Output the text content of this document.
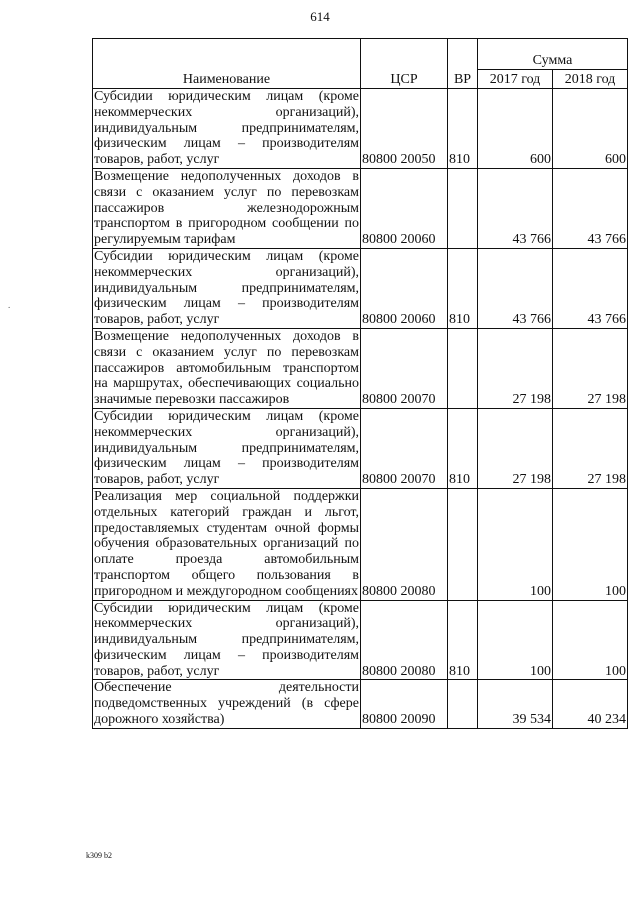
614
.
Наименование	ЦСР	ВР	Сумма	
			2017 год	2018 год
Субсидии юридическим лицам (кроме некоммерческих организаций), индивидуальным предпринимателям, физическим лицам – производителям товаров, работ, услуг	80800 20050	810	600	600
Возмещение недополученных доходов в связи с оказанием услуг по перевозкам пассажиров железнодорожным транспортом в пригородном сообщении по регулируемым тарифам	80800 20060		43 766	43 766
Субсидии юридическим лицам (кроме некоммерческих организаций), индивидуальным предпринимателям, физическим лицам – производителям товаров, работ, услуг	80800 20060	810	43 766	43 766
Возмещение недополученных доходов в связи с оказанием услуг по перевозкам пассажиров автомобильным транспортом на маршрутах, обеспечивающих социально значимые перевозки пассажиров	80800 20070		27 198	27 198
Субсидии юридическим лицам (кроме некоммерческих организаций), индивидуальным предпринимателям, физическим лицам – производителям товаров, работ, услуг	80800 20070	810	27 198	27 198
Реализация мер социальной поддержки отдельных категорий граждан и льгот, предоставляемых студентам очной формы обучения образовательных организаций по оплате проезда автомобильным транспортом общего пользования в пригородном и междугородном сообщениях	80800 20080		100	100
Субсидии юридическим лицам (кроме некоммерческих организаций), индивидуальным предпринимателям, физическим лицам – производителям товаров, работ, услуг	80800 20080	810	100	100
Обеспечение деятельности подведомственных учреждений (в сфере дорожного хозяйства)	80800 20090		39 534	40 234
k309 b2
